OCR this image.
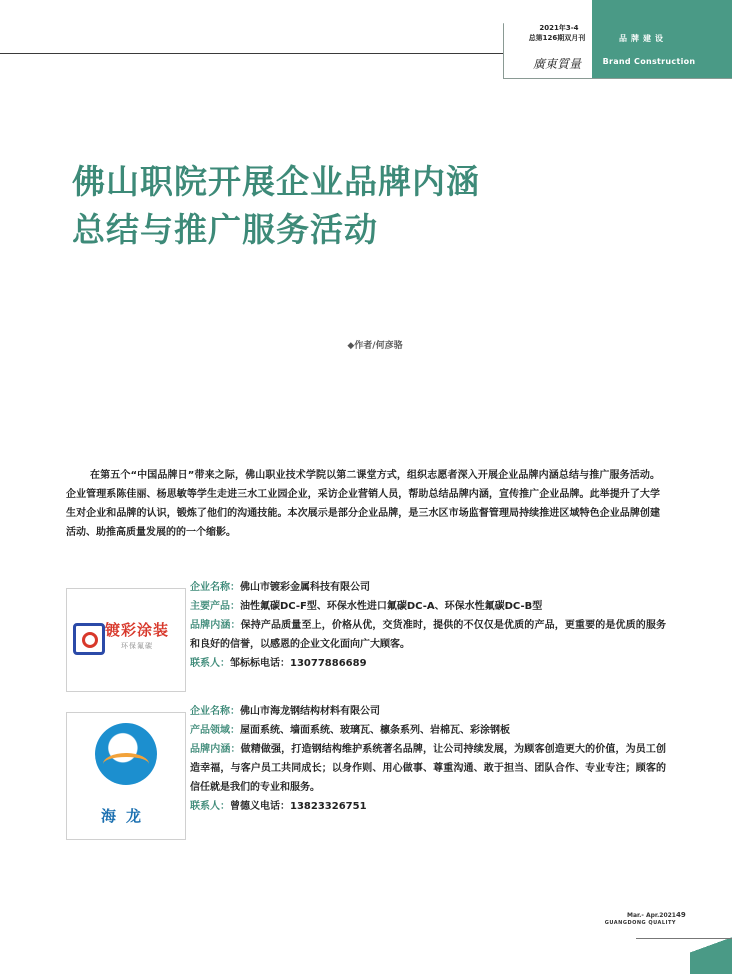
2021年3-4
总第126期双月刊
廣東質量
品牌建设
Brand Construction
佛山职院开展企业品牌内涵
总结与推广服务活动
◆作者/何彦骆
在第五个“中国品牌日”带来之际，佛山职业技术学院以第二课堂方式，组织志愿者深入开展企业品牌内涵总结与推广服务活动。企业管理系陈佳丽、杨思敏等学生走进三水工业园企业，采访企业营销人员，帮助总结品牌内涵，宣传推广企业品牌。此举提升了大学生对企业和品牌的认识，锻炼了他们的沟通技能。本次展示是部分企业品牌，是三水区市场监督管理局持续推进区域特色企业品牌创建活动、助推高质量发展的的一个缩影。
镀彩涂装
环保氟碳
企业名称：佛山市镀彩金属科技有限公司
主要产品：油性氟碳DC-F型、环保水性进口氟碳DC-A、环保水性氟碳DC-B型
品牌内涵：保持产品质量至上，价格从优，交货准时，提供的不仅仅是优质的产品，更重要的是优质的服务和良好的信誉，以感恩的企业文化面向广大顾客。
联系人：邹标标电话：13077886689
海龙
企业名称：佛山市海龙钢结构材料有限公司
产品领域：屋面系统、墙面系统、玻璃瓦、檩条系列、岩棉瓦、彩涂钢板
品牌内涵：做精做强，打造钢结构维护系统著名品牌，让公司持续发展，为顾客创造更大的价值，为员工创造幸福，与客户员工共同成长；以身作则、用心做事、尊重沟通、敢于担当、团队合作、专业专注；顾客的信任就是我们的专业和服务。
联系人：曾德义电话：13823326751
Mar.- Apr.2021 49
GUANGDONG QUALITY
